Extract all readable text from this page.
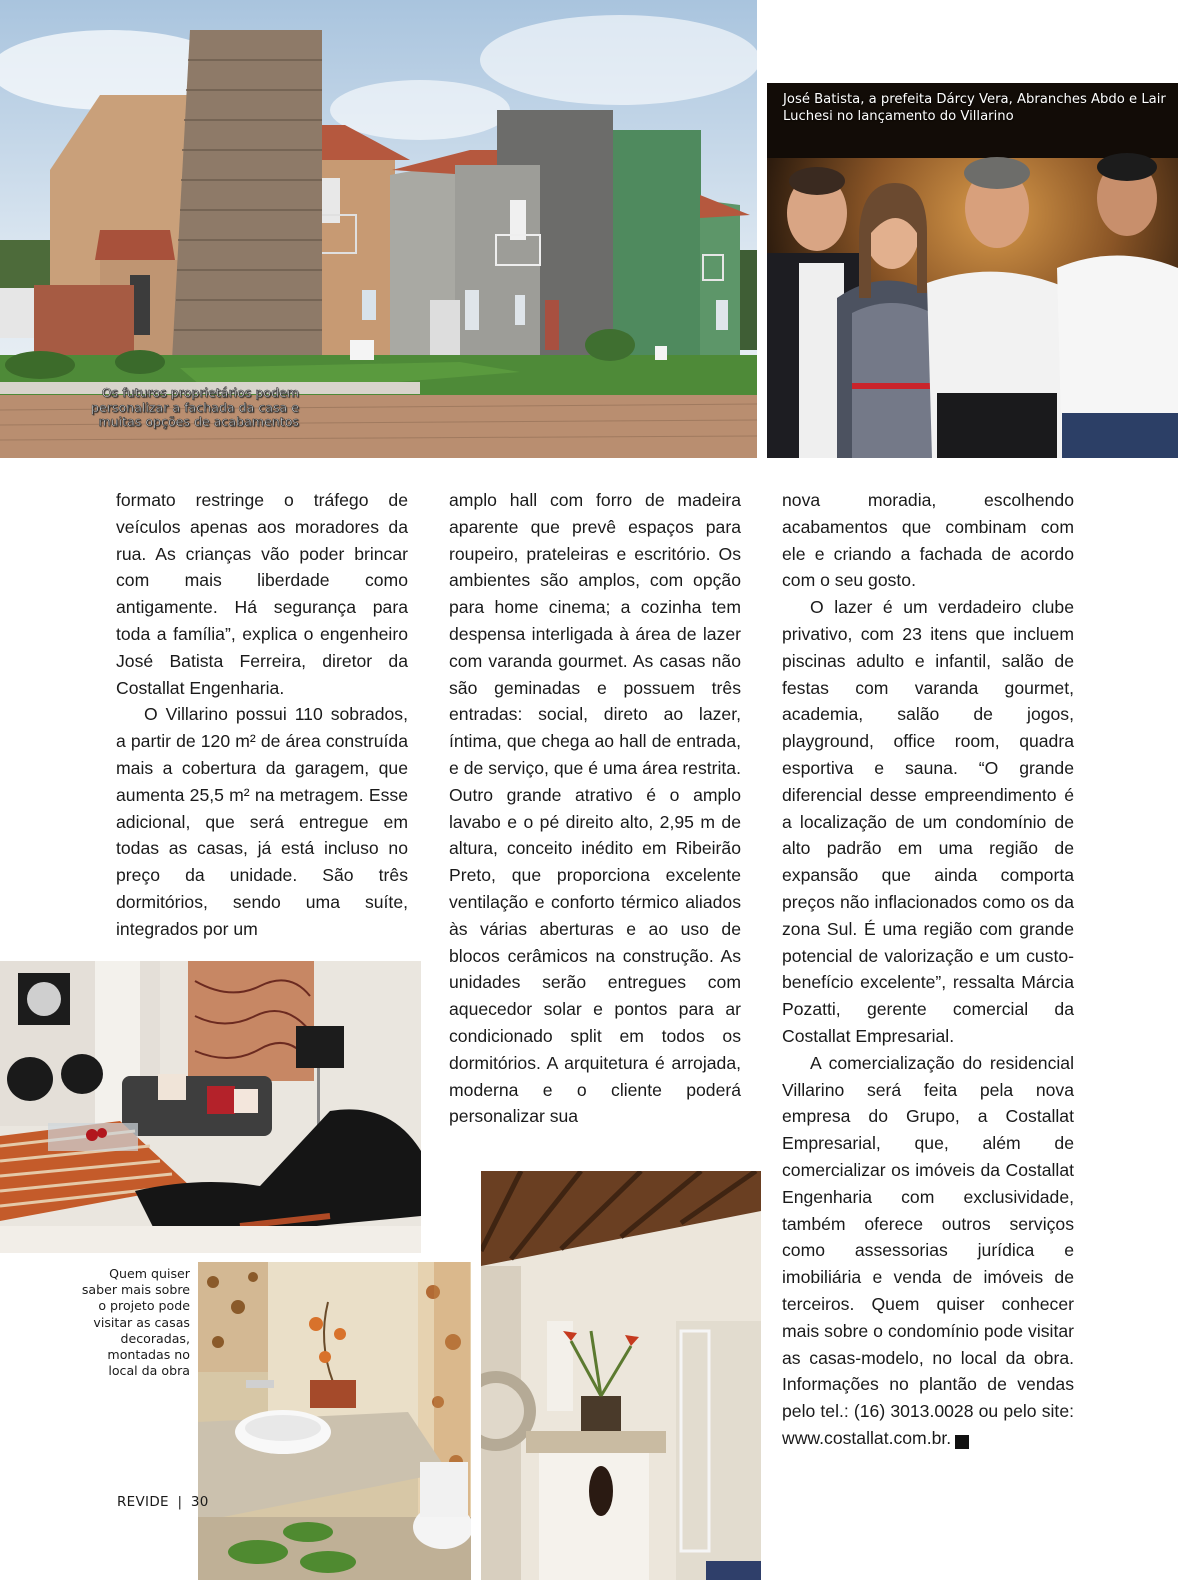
Os futuros proprietários podem personalizar a fachada da casa e muitas opções de acabamentos
José Batista, a prefeita Dárcy Vera, Abranches Abdo e Lair Luchesi no lançamento do Villarino

formato restringe o tráfego de veículos apenas aos moradores da rua. As crianças vão poder brincar com mais liberdade como antigamente. Há segurança para toda a família”, explica o engenheiro José Batista Ferreira, diretor da Costallat Engenharia.

O Villarino possui 110 sobrados, a partir de 120 m² de área construída mais a cobertura da garagem, que aumenta 25,5 m² na metragem. Esse adicional, que será entregue em todas as casas, já está incluso no preço da unidade. São três dormitórios, sendo uma suíte, integrados por um

amplo hall com forro de madeira aparente que prevê espaços para roupeiro, prateleiras e escritório. Os ambientes são amplos, com opção para home cinema; a cozinha tem despensa interligada à área de lazer com varanda gourmet. As casas não são geminadas e possuem três entradas: social, direto ao lazer, íntima, que chega ao hall de entrada, e de serviço, que é uma área restrita. Outro grande atrativo é o amplo lavabo e o pé direito alto, 2,95 m de altura, conceito inédito em Ribeirão Preto, que proporciona excelente ventilação e conforto térmico aliados às várias aberturas e ao uso de blocos cerâmicos na construção. As unidades serão entregues com aquecedor solar e pontos para ar condicionado split em todos os dormitórios. A arquitetura é arrojada, moderna e o cliente poderá personalizar sua

nova moradia, escolhendo acabamentos que combinam com ele e criando a fachada de acordo com o seu gosto.

O lazer é um verdadeiro clube privativo, com 23 itens que incluem piscinas adulto e infantil, salão de festas com varanda gourmet, academia, salão de jogos, playground, office room, quadra esportiva e sauna. “O grande diferencial desse empreendimento é a localização de um condomínio de alto padrão em uma região de expansão que ainda comporta preços não inflacionados como os da zona Sul. É uma região com grande potencial de valorização e um custo-benefício excelente”, ressalta Márcia Pozatti, gerente comercial da Costallat Empresarial.

A comercialização do residencial Villarino será feita pela nova empresa do Grupo, a Costallat Empresarial, que, além de comercializar os imóveis da Costallat Engenharia com exclusividade, também oferece outros serviços como assessorias jurídica e imobiliária e venda de imóveis de terceiros. Quem quiser conhecer mais sobre o condomínio pode visitar as casas-modelo, no local da obra. Informações no plantão de vendas pelo tel.: (16) 3013.0028 ou pelo site: www.costallat.com.br.	r

Quem quiser saber mais sobre o projeto pode visitar as casas decoradas, montadas no local da obra
REVIDE | 30
